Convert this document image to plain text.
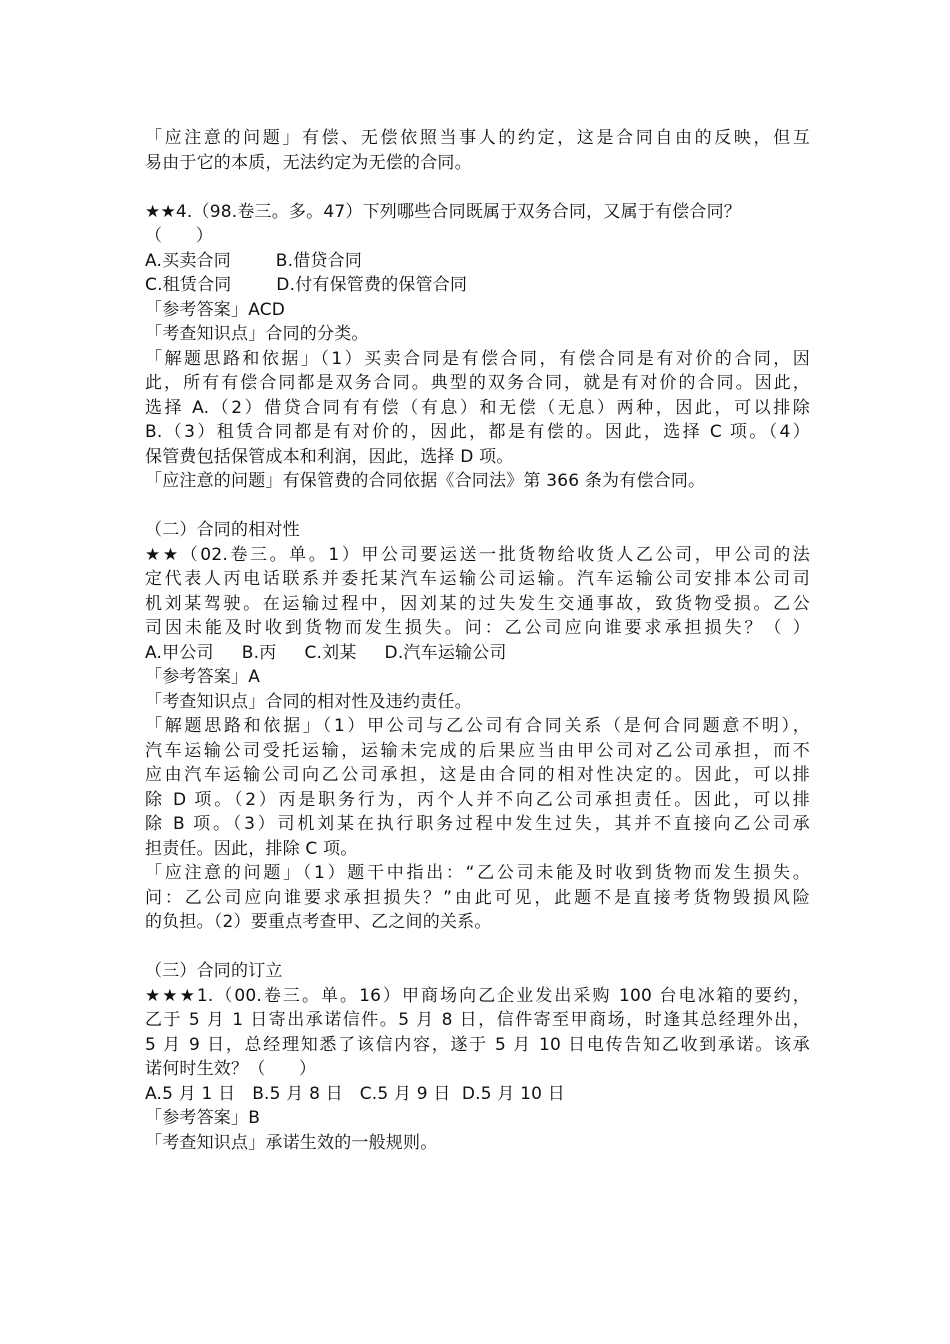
「应注意的问题」有偿、无偿依照当事人的约定，这是合同自由的反映，但互
易由于它的本质，无法约定为无偿的合同。
★★4.（98.卷三。多。47）下列哪些合同既属于双务合同，又属于有偿合同？
（      ）
A.买卖合同        B.借贷合同
C.租赁合同        D.付有保管费的保管合同
「参考答案」ACD
「考查知识点」合同的分类。
「解题思路和依据」（1）买卖合同是有偿合同，有偿合同是有对价的合同，因
此，所有有偿合同都是双务合同。典型的双务合同，就是有对价的合同。因此，
选择 A.（2）借贷合同有有偿（有息）和无偿（无息）两种，因此，可以排除
B.（3）租赁合同都是有对价的，因此，都是有偿的。因此，选择 C 项。（4）
保管费包括保管成本和利润，因此，选择 D 项。
「应注意的问题」有保管费的合同依据《合同法》第 366 条为有偿合同。
（二）合同的相对性
★★（02.卷三。单。1）甲公司要运送一批货物给收货人乙公司，甲公司的法
定代表人丙电话联系并委托某汽车运输公司运输。汽车运输公司安排本公司司
机刘某驾驶。在运输过程中，因刘某的过失发生交通事故，致货物受损。乙公
司因未能及时收到货物而发生损失。问：乙公司应向谁要求承担损失？（ ）
A.甲公司     B.丙     C.刘某     D.汽车运输公司
「参考答案」A
「考查知识点」合同的相对性及违约责任。
「解题思路和依据」（1）甲公司与乙公司有合同关系（是何合同题意不明），
汽车运输公司受托运输，运输未完成的后果应当由甲公司对乙公司承担，而不
应由汽车运输公司向乙公司承担，这是由合同的相对性决定的。因此，可以排
除 D 项。（2）丙是职务行为，丙个人并不向乙公司承担责任。因此，可以排
除 B 项。（3）司机刘某在执行职务过程中发生过失，其并不直接向乙公司承
担责任。因此，排除 C 项。
「应注意的问题」（1）题干中指出：“乙公司未能及时收到货物而发生损失。
问：乙公司应向谁要求承担损失？”由此可见，此题不是直接考货物毁损风险
的负担。（2）要重点考查甲、乙之间的关系。
（三）合同的订立
★★★1.（00.卷三。单。16）甲商场向乙企业发出采购 100 台电冰箱的要约，
乙于 5 月 1 日寄出承诺信件。5 月 8 日，信件寄至甲商场，时逢其总经理外出，
5 月 9 日，总经理知悉了该信内容，遂于 5 月 10 日电传告知乙收到承诺。该承
诺何时生效？（      ）
A.5 月 1 日   B.5 月 8 日   C.5 月 9 日  D.5 月 10 日
「参考答案」B
「考查知识点」承诺生效的一般规则。
